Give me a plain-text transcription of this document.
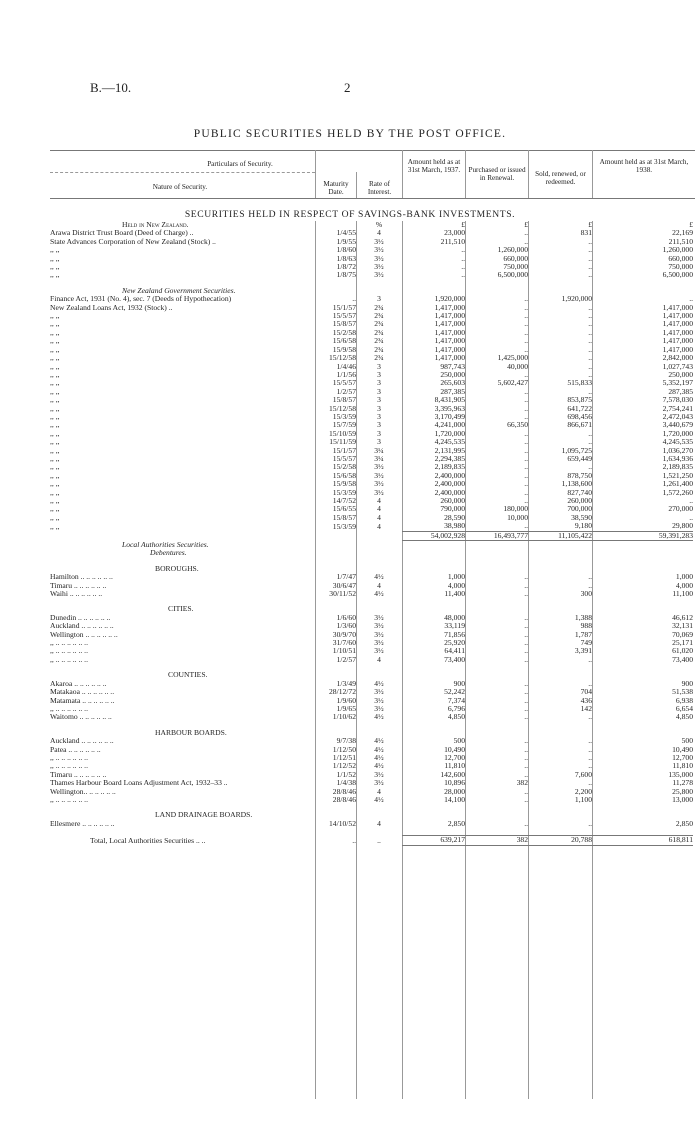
B.—10.	2
PUBLIC SECURITIES HELD BY THE POST OFFICE.
Particulars of Security.
Nature of Security.	Maturity Date.
Rate of Interest.
Amount held as at 31st March, 1937.	Purchased or issued in Renewal.
Sold, renewed, or redeemed.
Amount held as at 31st March, 1938.
SECURITIES HELD IN RESPECT OF SAVINGS-BANK INVESTMENTS.
Held in New Zealand.		%	£	£	£	£
Arawa District Trust Board (Deed of Charge) ..	1/4/55	4	23,000	..	831	22,169
State Advances Corporation of New Zealand (Stock) ..	1/9/55	3½	211,510	..	..	211,510
,, ,,	1/8/60	3½	..	1,260,000	..	1,260,000
,, ,,	1/8/63	3½	..	660,000	..	660,000
,, ,,	1/8/72	3½	..	750,000	..	750,000
,, ,,	1/8/75	3½	..	6,500,000	..	6,500,000

New Zealand Government Securities.						
Finance Act, 1931 (No. 4), sec. 7 (Deeds of Hypothecation)	..	3	1,920,000	..	1,920,000	..
New Zealand Loans Act, 1932 (Stock) ..	15/1/57	2¾	1,417,000	..	..	1,417,000
,, ,,	15/5/57	2¾	1,417,000	..	..	1,417,000
,, ,,	15/8/57	2¾	1,417,000	..	..	1,417,000
,, ,,	15/2/58	2¾	1,417,000	..	..	1,417,000
,, ,,	15/6/58	2¾	1,417,000	..	..	1,417,000
,, ,,	15/9/58	2¾	1,417,000	..	..	1,417,000
,, ,,	15/12/58	2¾	1,417,000	1,425,000	..	2,842,000
,, ,,	1/4/46	3	987,743	40,000	..	1,027,743
,, ,,	1/1/56	3	250,000	..	..	250,000
,, ,,	15/5/57	3	265,603	5,602,427	515,833	5,352,197
,, ,,	1/2/57	3	287,385	..	..	287,385
,, ,,	15/8/57	3	8,431,905	..	853,875	7,578,030
,, ,,	15/12/58	3	3,395,963	..	641,722	2,754,241
,, ,,	15/3/59	3	3,170,499	..	698,456	2,472,043
,, ,,	15/7/59	3	4,241,000	66,350	866,671	3,440,679
,, ,,	15/10/59	3	1,720,000	..	..	1,720,000
,, ,,	15/11/59	3	4,245,535	..	..	4,245,535
,, ,,	15/1/57	3¼	2,131,995	..	1,095,725	1,036,270
,, ,,	15/5/57	3¼	2,294,385	..	659,449	1,634,936
,, ,,	15/2/58	3½	2,189,835	..	..	2,189,835
,, ,,	15/6/58	3½	2,400,000	..	878,750	1,521,250
,, ,,	15/9/58	3½	2,400,000	..	1,138,600	1,261,400
,, ,,	15/3/59	3½	2,400,000	..	827,740	1,572,260
,, ,,	14/7/52	4	260,000	..	260,000	..
,, ,,	15/6/55	4	790,000	180,000	700,000	270,000
,, ,,	15/8/57	4	28,590	10,000	38,590	..
,, ,,	15/3/59	4	38,980	..	9,180	29,800
			54,002,928	16,493,777	11,105,422	59,391,283
Local Authorities Securities.						
Debentures.						

BOROUGHS.						
Hamilton .. .. .. .. .. ..	1/7/47	4½	1,000	..	..	1,000
Timaru .. .. .. .. .. ..	30/6/47	4	4,000	..	..	4,000
Waihi .. .. .. .. .. ..	30/11/52	4½	11,400	..	300	11,100

CITIES.						
Dunedin .. .. .. .. .. ..	1/6/60	3½	48,000	..	1,388	46,612
Auckland .. .. .. .. .. ..	1/3/60	3½	33,119	..	988	32,131
Wellington .. .. .. .. .. ..	30/9/70	3½	71,856	..	1,787	70,069
,, .. .. .. .. .. ..	31/7/60	3½	25,920	..	749	25,171
,, .. .. .. .. .. ..	1/10/51	3½	64,411	..	3,391	61,020
,, .. .. .. .. .. ..	1/2/57	4	73,400	..	..	73,400

COUNTIES.						
Akaroa .. .. .. .. .. ..	1/3/49	4½	900	..	..	900
Matakaoa .. .. .. .. .. ..	28/12/72	3½	52,242	..	704	51,538
Matamata .. .. .. .. .. ..	1/9/60	3½	7,374	..	436	6,938
,, .. .. .. .. .. ..	1/9/65	3½	6,796	..	142	6,654
Waitomo .. .. .. .. .. ..	1/10/62	4½	4,850	..	..	4,850

HARBOUR BOARDS.						
Auckland .. .. .. .. .. ..	9/7/38	4½	500	..	..	500
Patea .. .. .. .. .. ..	1/12/50	4½	10,490	..	..	10,490
,, .. .. .. .. .. ..	1/12/51	4½	12,700	..	..	12,700
,, .. .. .. .. .. ..	1/12/52	4½	11,810	..	..	11,810
Timaru .. .. .. .. .. ..	1/1/52	3½	142,600	..	7,600	135,000
Thames Harbour Board Loans Adjustment Act, 1932–33 ..	1/4/38	3½	10,896	382	..	11,278
Wellington.. .. .. .. .. ..	28/8/46	4	28,000	..	2,200	25,800
,, .. .. .. .. .. ..	28/8/46	4½	14,100	..	1,100	13,000

LAND DRAINAGE BOARDS.						
Ellesmere .. .. .. .. .. ..	14/10/52	4	2,850	..	..	2,850

Total, Local Authorities Securities .. ..	..	..	639,217	382	20,788	618,811
